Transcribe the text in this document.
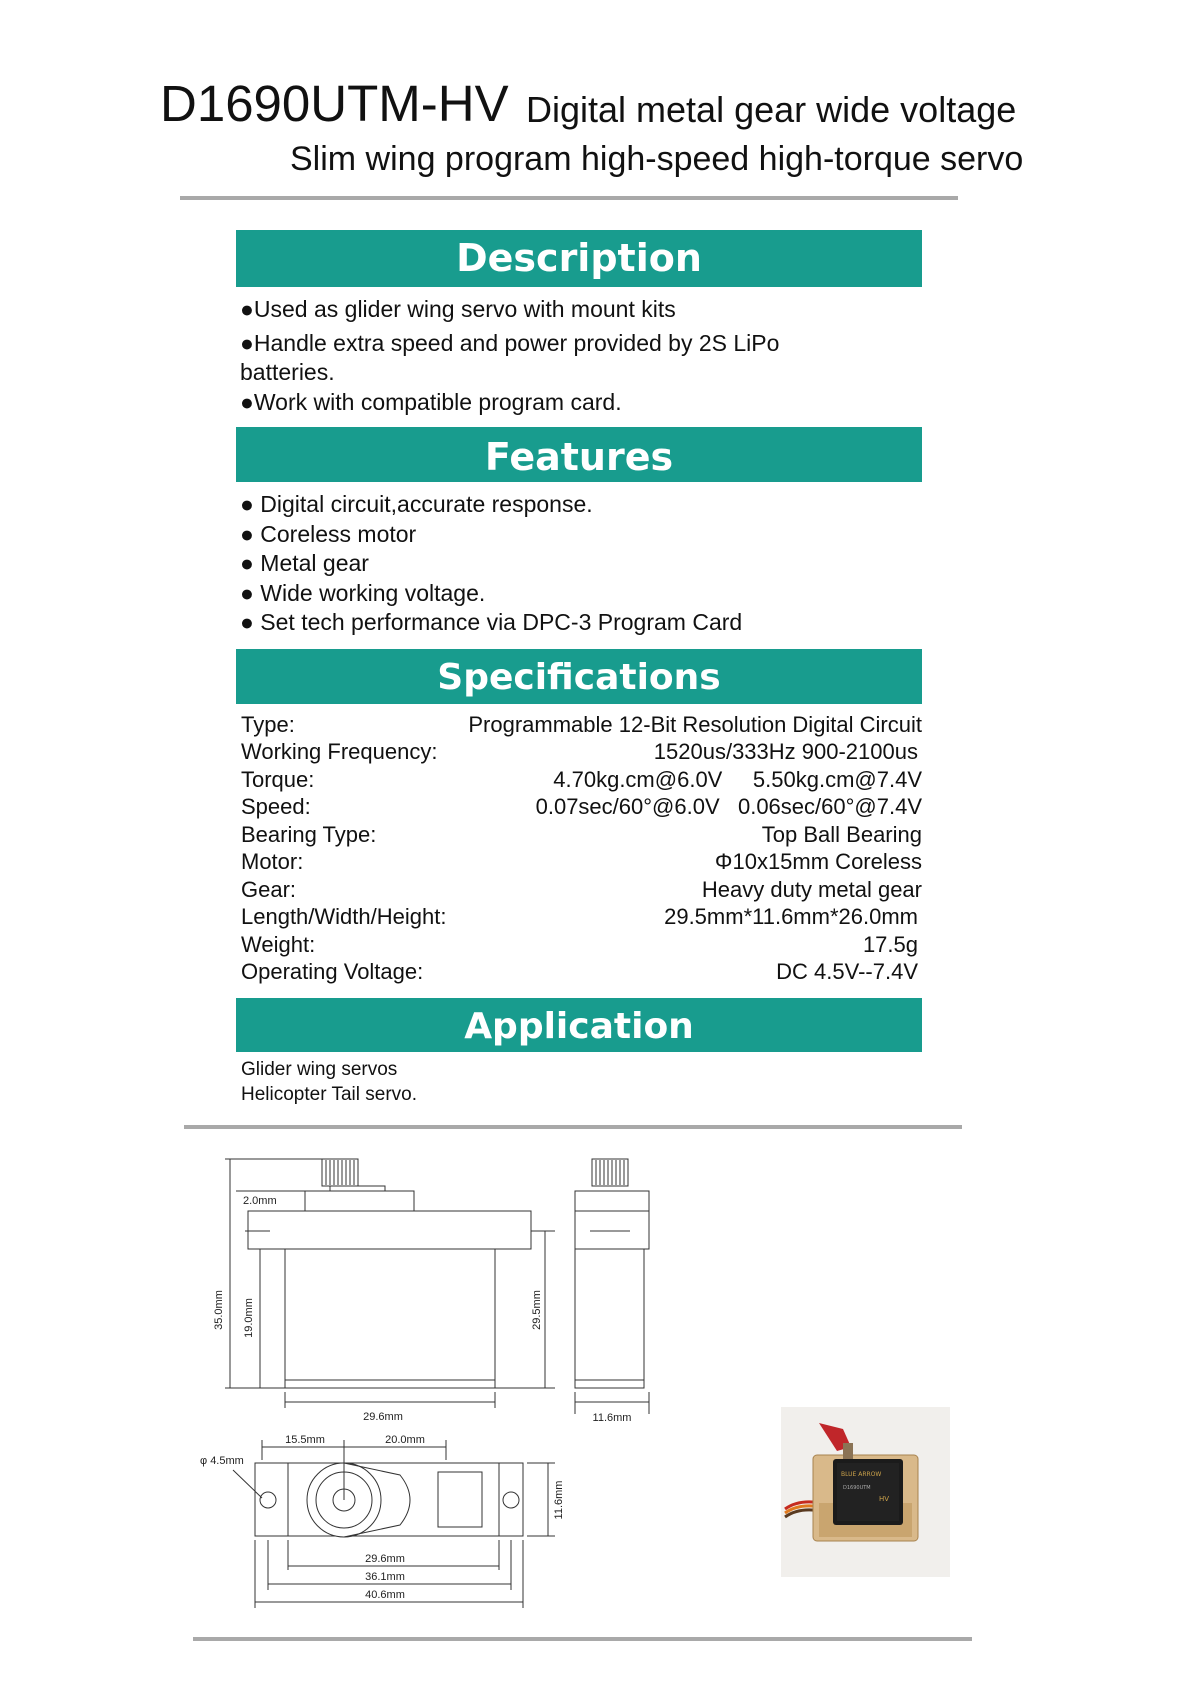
D1690UTM-HV Digital metal gear wide voltage
Slim wing program high-speed high-torque servo
Description
●Used as glider wing servo with mount kits
●Handle extra speed and power provided by 2S LiPo
batteries.
●Work with compatible program card.
Features
● Digital circuit,accurate response.
● Coreless motor
● Metal gear
● Wide working voltage.
● Set tech performance via DPC-3 Program Card
Specifications
Type:	Programmable 12-Bit Resolution Digital Circuit
Working Frequency:	1520us/333Hz 900-2100us
Torque:	4.70kg.cm@6.0V     5.50kg.cm@7.4V
Speed:	0.07sec/60°@6.0V   0.06sec/60°@7.4V
Bearing Type:	Top Ball Bearing
Motor:	Φ10x15mm Coreless
Gear:	Heavy duty metal gear
Length/Width/Height:	29.5mm*11.6mm*26.0mm
Weight:	17.5g
Operating Voltage:	DC 4.5V--7.4V
Application
Glider wing servos
Helicopter Tail servo.
2.0mm
35.0mm 19.0mm	29.5mm
29.6mm	11.6mm
15.5mm	20.0mm
φ 4.5mm
11.6mm
29.6mm
36.1mm
40.6mm
BLUE ARROW
D1690UTM
HV
